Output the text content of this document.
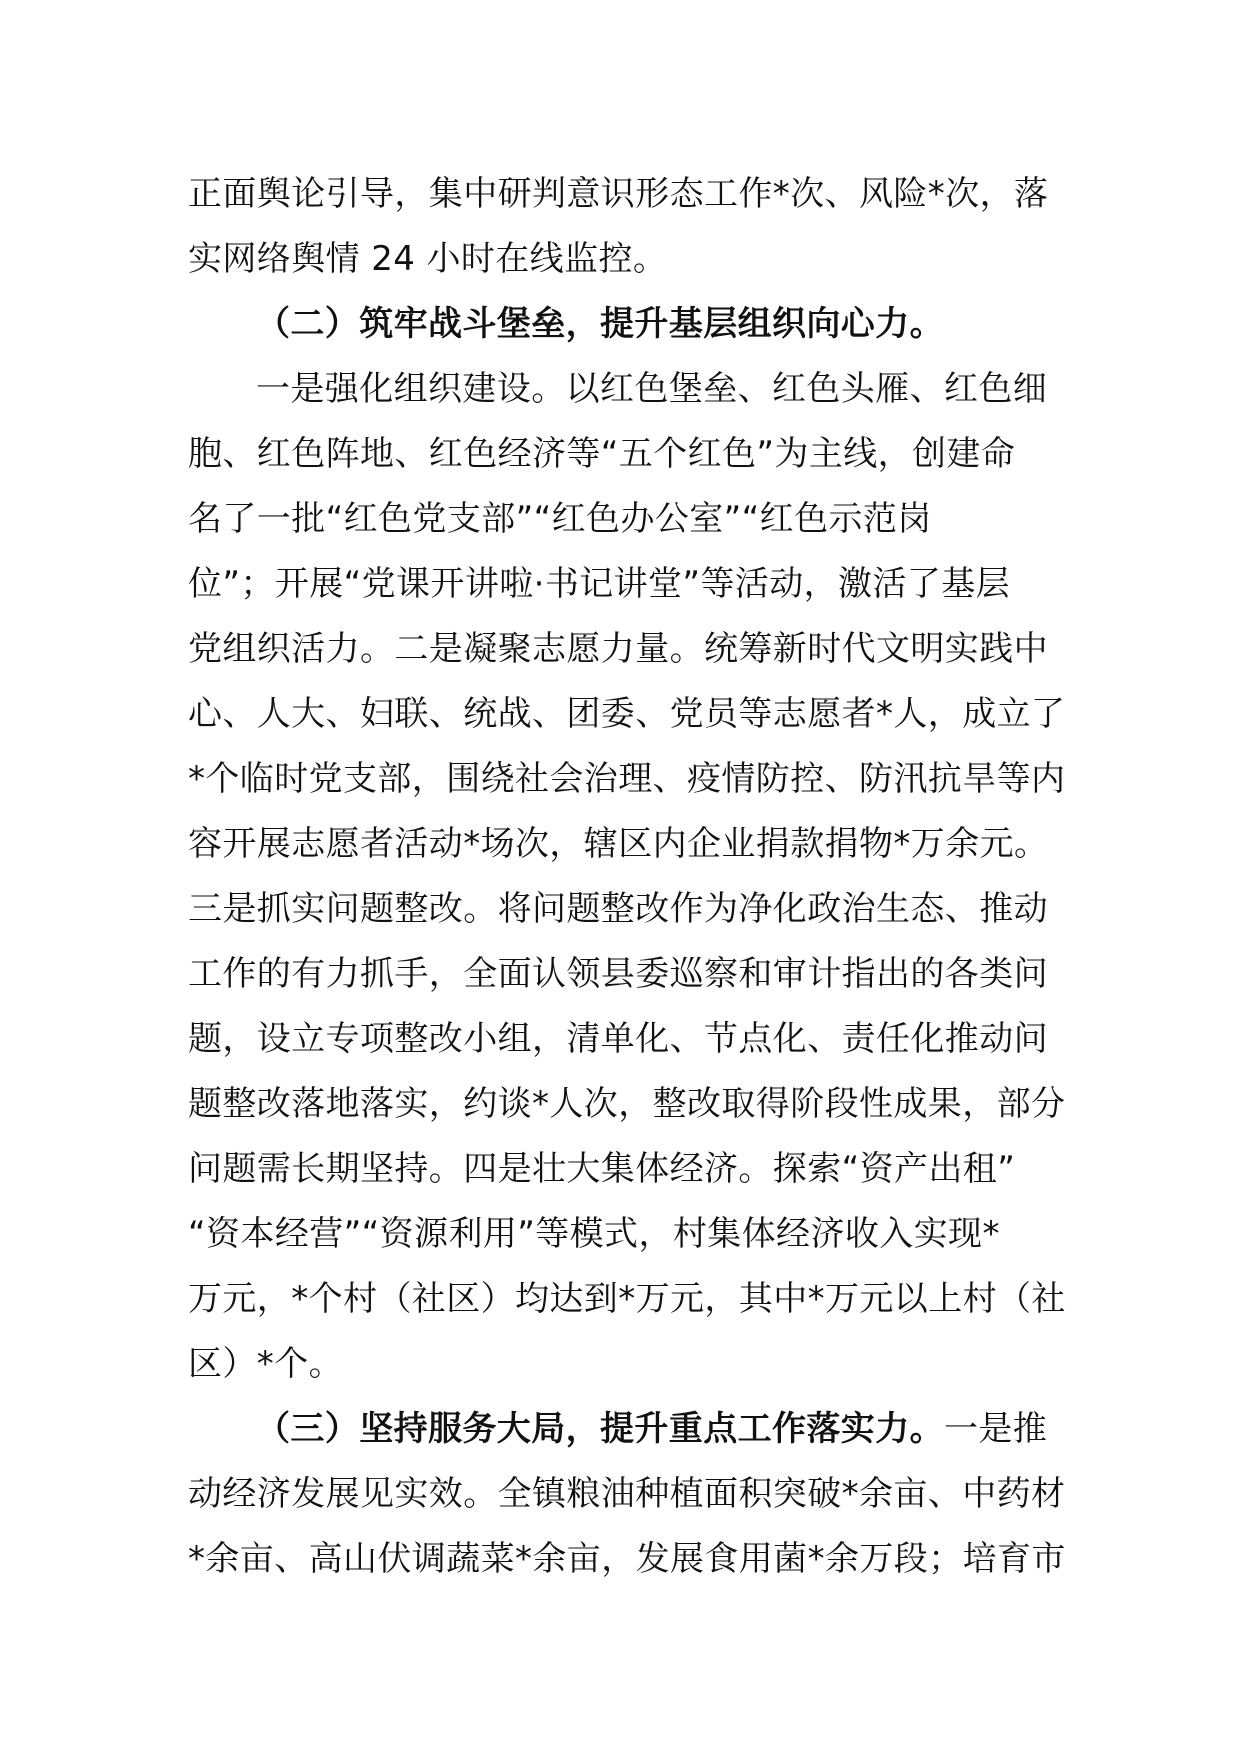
正面舆论引导，集中研判意识形态工作*次、风险*次，落
实网络舆情 24 小时在线监控。
（二）筑牢战斗堡垒，提升基层组织向心力。
一是强化组织建设。以红色堡垒、红色头雁、红色细
胞、红色阵地、红色经济等“五个红色”为主线，创建命
名了一批“红色党支部”“红色办公室”“红色示范岗
位”；开展“党课开讲啦·书记讲堂”等活动，激活了基层
党组织活力。二是凝聚志愿力量。统筹新时代文明实践中
心、人大、妇联、统战、团委、党员等志愿者*人，成立了
*个临时党支部，围绕社会治理、疫情防控、防汛抗旱等内
容开展志愿者活动*场次，辖区内企业捐款捐物*万余元。
三是抓实问题整改。将问题整改作为净化政治生态、推动
工作的有力抓手，全面认领县委巡察和审计指出的各类问
题，设立专项整改小组，清单化、节点化、责任化推动问
题整改落地落实，约谈*人次，整改取得阶段性成果，部分
问题需长期坚持。四是壮大集体经济。探索“资产出租”
“资本经营”“资源利用”等模式，村集体经济收入实现*
万元，*个村（社区）均达到*万元，其中*万元以上村（社
区）*个。
（三）坚持服务大局，提升重点工作落实力。一是推
动经济发展见实效。全镇粮油种植面积突破*余亩、中药材
*余亩、高山伏调蔬菜*余亩，发展食用菌*余万段；培育市
